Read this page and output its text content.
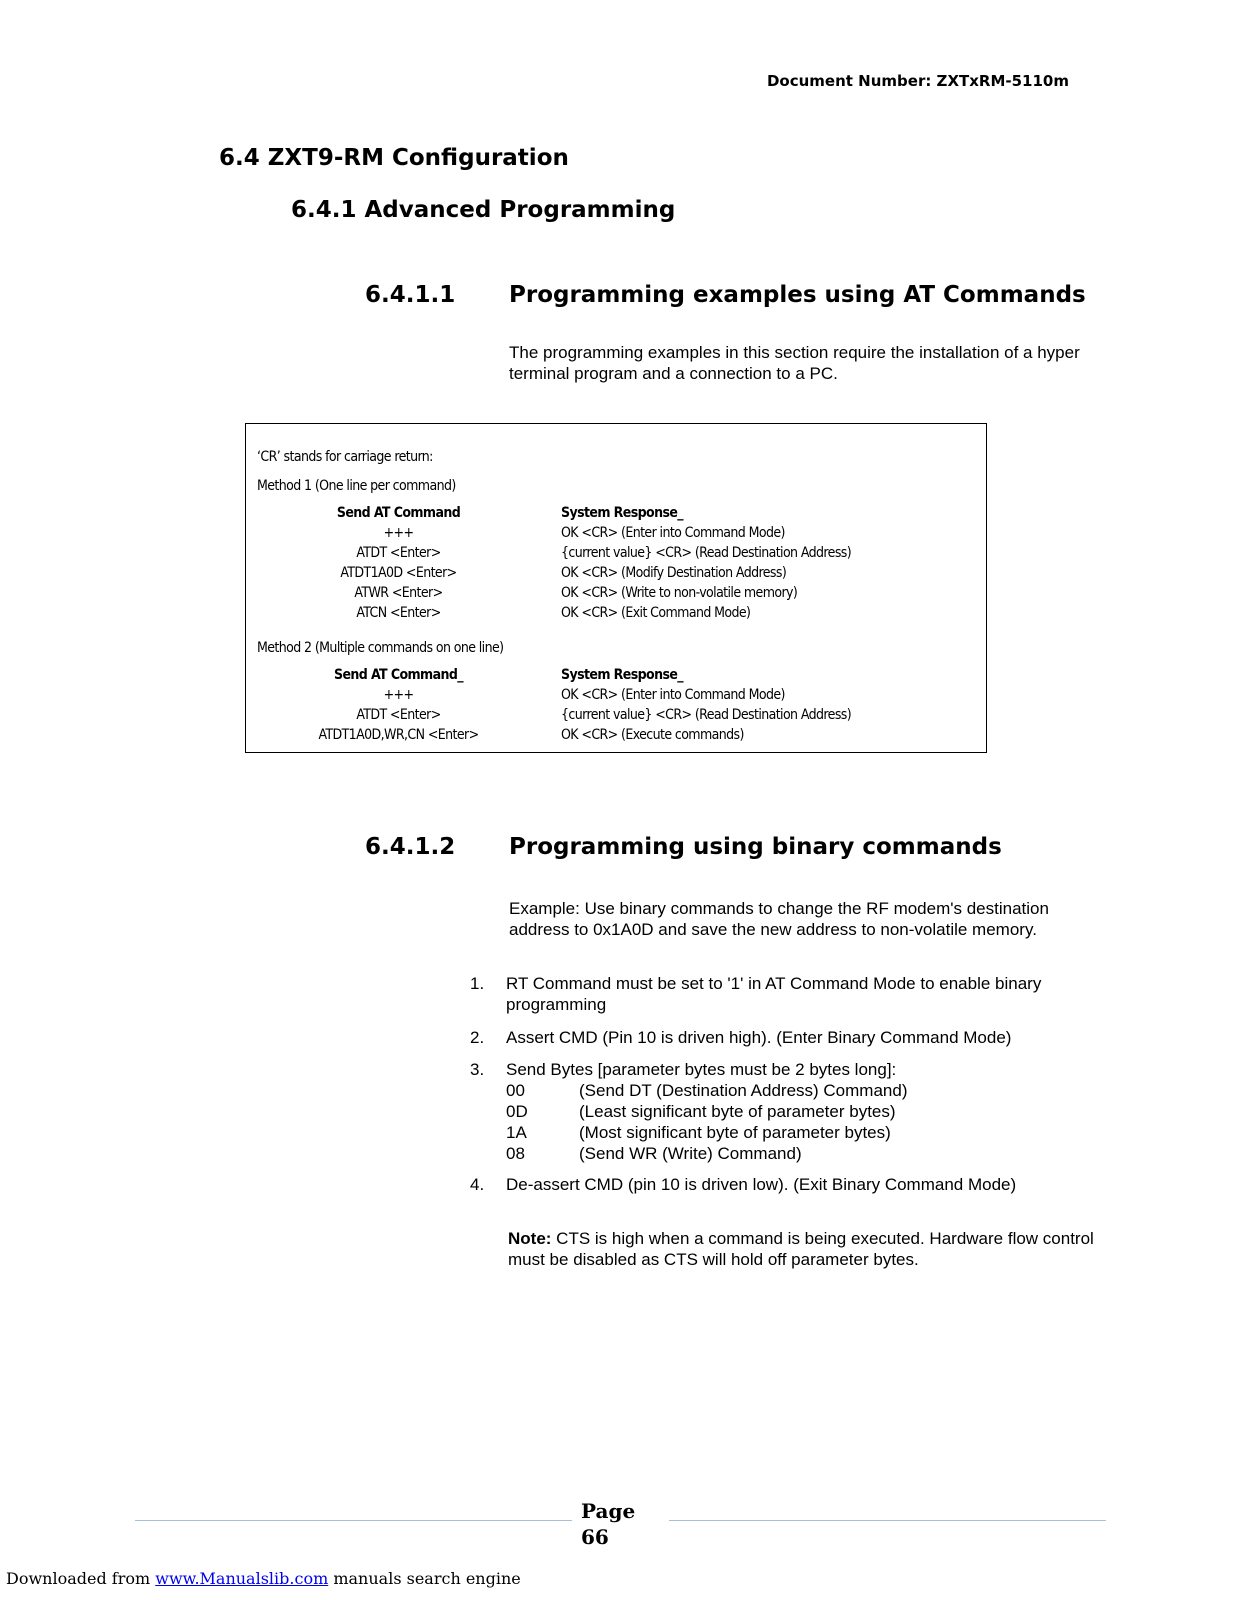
Document Number: ZXTxRM-5110m
6.4 ZXT9-RM Configuration
6.4.1 Advanced Programming
6.4.1.1 Programming examples using AT Commands
The programming examples in this section require the installation of a hyper terminal program and a connection to a PC.
‘CR’ stands for carriage return:
Method 1 (One line per command)
Send AT Command	System Response_
+++	OK <CR> (Enter into Command Mode)
ATDT <Enter>	{current value} <CR> (Read Destination Address)
ATDT1A0D <Enter>	OK <CR> (Modify Destination Address)
ATWR <Enter>	OK <CR> (Write to non-volatile memory)
ATCN <Enter>	OK <CR> (Exit Command Mode)
Method 2 (Multiple commands on one line)
Send AT Command_	System Response_
+++	OK <CR> (Enter into Command Mode)
ATDT <Enter>	{current value} <CR> (Read Destination Address)
ATDT1A0D,WR,CN <Enter>	OK <CR> (Execute commands)
6.4.1.2 Programming using binary commands
Example: Use binary commands to change the RF modem's destination address to 0x1A0D and save the new address to non-volatile memory.
1. RT Command must be set to '1' in AT Command Mode to enable binary programming
2. Assert CMD (Pin 10 is driven high). (Enter Binary Command Mode)
3. Send Bytes [parameter bytes must be 2 bytes long]:
00	(Send DT (Destination Address) Command)
0D	(Least significant byte of parameter bytes)
1A	(Most significant byte of parameter bytes)
08	(Send WR (Write) Command)
4. De-assert CMD (pin 10 is driven low). (Exit Binary Command Mode)
Note: CTS is high when a command is being executed. Hardware flow control must be disabled as CTS will hold off parameter bytes.
Page
66
Downloaded from www.Manualslib.com manuals search engine
